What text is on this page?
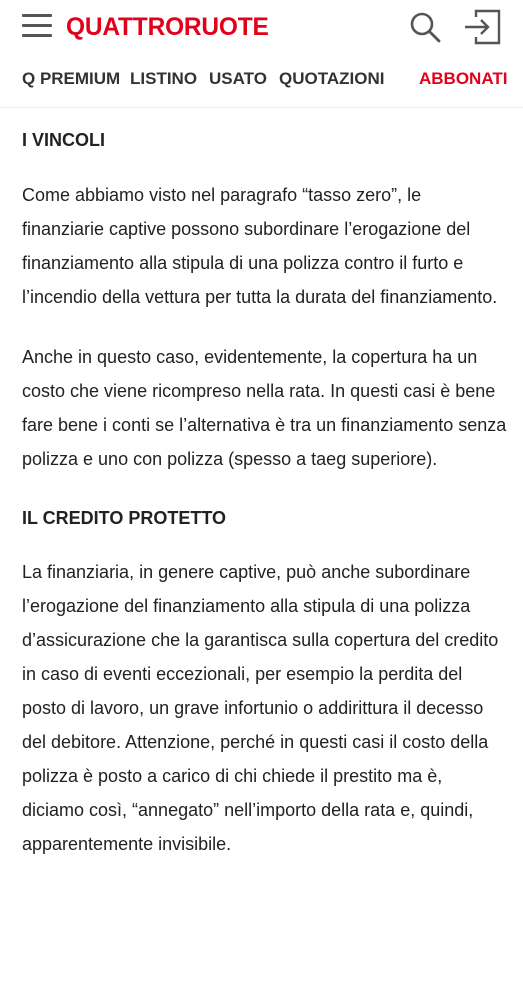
QUATTRORUOTE
Q PREMIUM LISTINO USATO QUOTAZIONI ABBONATI
I VINCOLI

Come abbiamo visto nel paragrafo “tasso zero”, le finanziarie captive possono subordinare l’erogazione del finanziamento alla stipula di una polizza contro il furto e l’incendio della vettura per tutta la durata del finanziamento.

Anche in questo caso, evidentemente, la copertura ha un costo che viene ricompreso nella rata. In questi casi è bene fare bene i conti se l’alternativa è tra un finanziamento senza polizza e uno con polizza (spesso a taeg superiore).

IL CREDITO PROTETTO

La finanziaria, in genere captive, può anche subordinare l’erogazione del finanziamento alla stipula di una polizza d’assicurazione che la garantisca sulla copertura del credito in caso di eventi eccezionali, per esempio la perdita del posto di lavoro, un grave infortunio o addirittura il decesso del debitore. Attenzione, perché in questi casi il costo della polizza è posto a carico di chi chiede il prestito ma è, diciamo così, “annegato” nell’importo della rata e, quindi, apparentemente invisibile.
